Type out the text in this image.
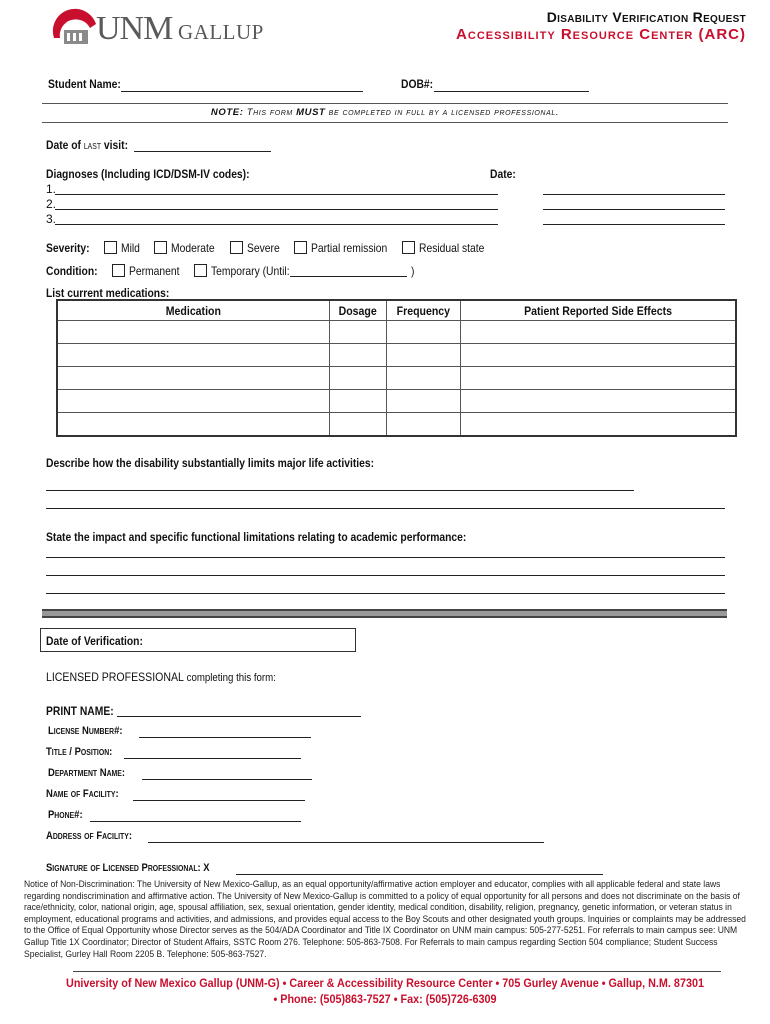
UNM GALLUP
Disability Verification Request
Accessibility Resource Center (ARC)
Student Name:	DOB#:
NOTE: This form MUST be completed in full by a licensed professional.
Date of last visit:
Diagnoses (Including ICD/DSM-IV codes):	Date:
1.
2.
3.
Severity:	Mild	Moderate	Severe	Partial remission	Residual state
Condition:	Permanent	Temporary (Until:	)
List current medications:
Medication	Dosage	Frequency	Patient Reported Side Effects

Describe how the disability substantially limits major life activities:
State the impact and specific functional limitations relating to academic performance:
Date of Verification:
LICENSED PROFESSIONAL completing this form:
PRINT NAME:
License Number#:
Title / Position:
Department Name:
Name of Facility:
Phone#:
Address of Facility:
Signature of Licensed Professional: X
Notice of Non-Discrimination: The University of New Mexico-Gallup, as an equal opportunity/affirmative action employer and educator, complies with all applicable federal and state laws regarding nondiscrimination and affirmative action. The University of New Mexico-Gallup is committed to a policy of equal opportunity for all persons and does not discriminate on the basis of race/ethnicity, color, national origin, age, spousal affiliation, sex, sexual orientation, gender identity, medical condition, disability, religion, pregnancy, genetic information, or veteran status in employment, educational programs and activities, and admissions, and provides equal access to the Boy Scouts and other designated youth groups. Inquiries or complaints may be addressed to the Office of Equal Opportunity whose Director serves as the 504/ADA Coordinator and Title IX Coordinator on UNM main campus: 505-277-5251. For referrals to main campus see: UNM Gallup Title 1X Coordinator; Director of Student Affairs, SSTC Room 276. Telephone: 505-863-7508. For Referrals to main campus regarding Section 504 compliance; Student Success Specialist, Gurley Hall Room 2205 B. Telephone: 505-863-7527.
University of New Mexico Gallup (UNM-G) • Career & Accessibility Resource Center • 705 Gurley Avenue • Gallup, N.M. 87301
• Phone: (505)863-7527 • Fax: (505)726-6309
